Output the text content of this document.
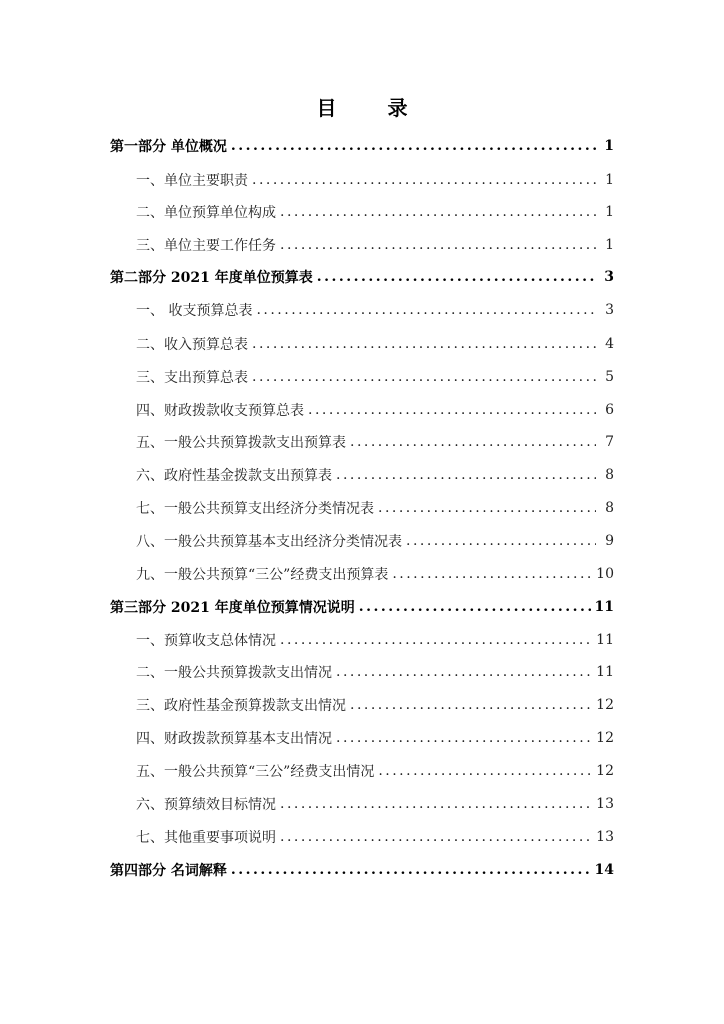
目 录
第一部分 单位概况 .....	1
一、单位主要职责 .....	1
二、单位预算单位构成 .....	1
三、单位主要工作任务 .....	1
第二部分 2021 年度单位预算表 .....	3
一、 收支预算总表 .....	3
二、收入预算总表 .....	4
三、支出预算总表 .....	5
四、财政拨款收支预算总表 .....	6
五、一般公共预算拨款支出预算表 .....	7
六、政府性基金拨款支出预算表 .....	8
七、一般公共预算支出经济分类情况表 .....	8
八、一般公共预算基本支出经济分类情况表 .....	9
九、一般公共预算“三公”经费支出预算表 .....	10
第三部分 2021 年度单位预算情况说明 .....	11
一、预算收支总体情况 .....	11
二、一般公共预算拨款支出情况 .....	11
三、政府性基金预算拨款支出情况 .....	12
四、财政拨款预算基本支出情况 .....	12
五、一般公共预算“三公”经费支出情况 .....	12
六、预算绩效目标情况 .....	13
七、其他重要事项说明 .....	13
第四部分 名词解释 .....	14
